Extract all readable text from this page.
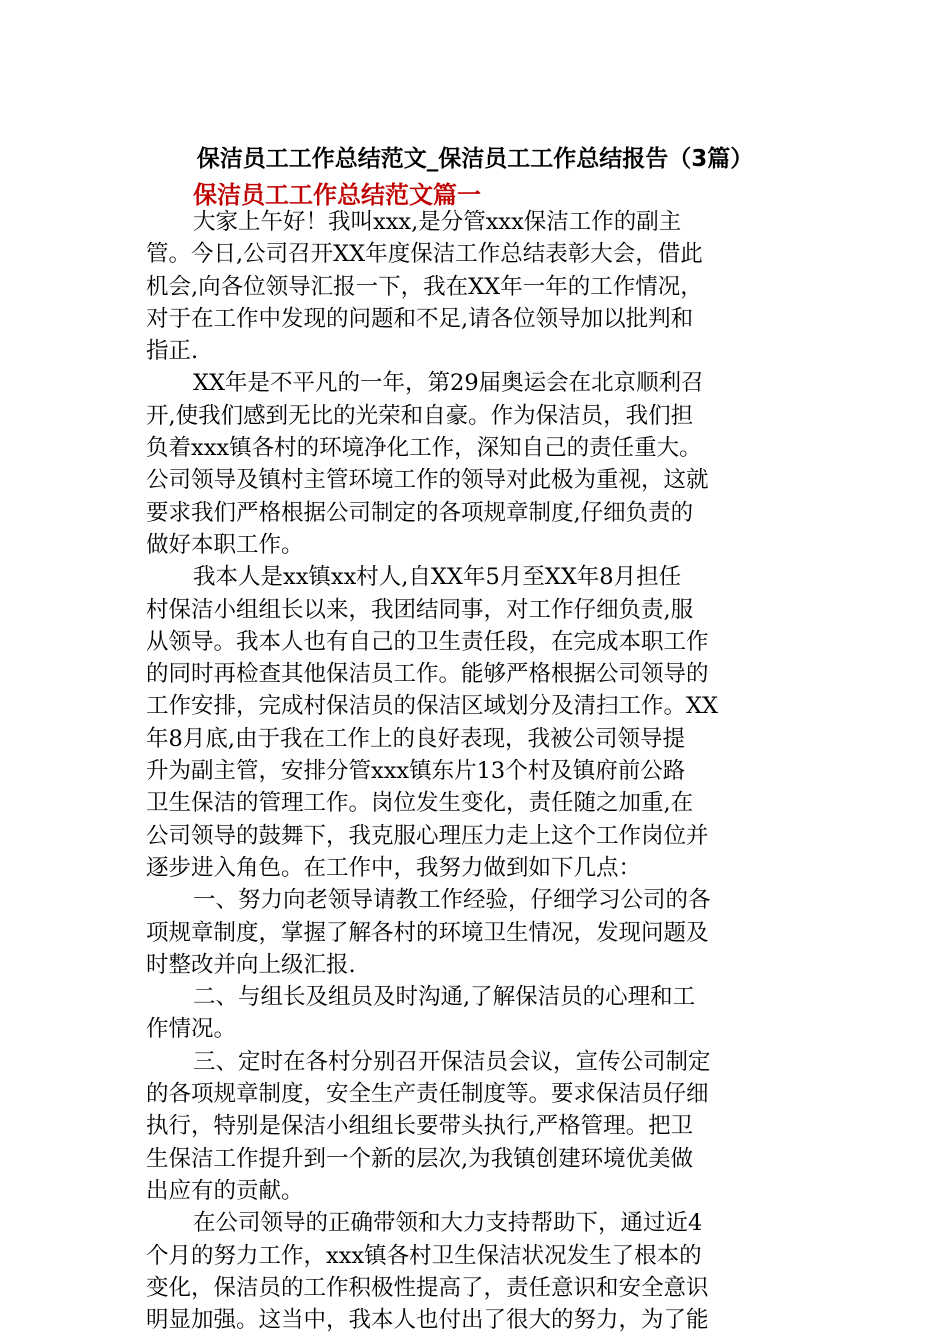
保洁员工工作总结范文_保洁员工工作总结报告（3篇）
保洁员工工作总结范文篇一
大家上午好！我叫xxx,是分管xxx保洁工作的副主
管。今日,公司召开XX年度保洁工作总结表彰大会，借此
机会,向各位领导汇报一下，我在XX年一年的工作情况，
对于在工作中发现的问题和不足,请各位领导加以批判和
指正.
XX年是不平凡的一年，第29届奥运会在北京顺利召
开,使我们感到无比的光荣和自豪。作为保洁员，我们担
负着xxx镇各村的环境净化工作，深知自己的责任重大。
公司领导及镇村主管环境工作的领导对此极为重视，这就
要求我们严格根据公司制定的各项规章制度,仔细负责的
做好本职工作。
我本人是xx镇xx村人,自XX年5月至XX年8月担任
村保洁小组组长以来，我团结同事，对工作仔细负责,服
从领导。我本人也有自己的卫生责任段，在完成本职工作
的同时再检查其他保洁员工作。能够严格根据公司领导的
工作安排，完成村保洁员的保洁区域划分及清扫工作。XX
年8月底,由于我在工作上的良好表现，我被公司领导提
升为副主管，安排分管xxx镇东片13个村及镇府前公路
卫生保洁的管理工作。岗位发生变化，责任随之加重,在
公司领导的鼓舞下，我克服心理压力走上这个工作岗位并
逐步进入角色。在工作中，我努力做到如下几点：
一、努力向老领导请教工作经验，仔细学习公司的各
项规章制度，掌握了解各村的环境卫生情况，发现问题及
时整改并向上级汇报.
二、与组长及组员及时沟通,了解保洁员的心理和工
作情况。
三、定时在各村分别召开保洁员会议，宣传公司制定
的各项规章制度，安全生产责任制度等。要求保洁员仔细
执行，特别是保洁小组组长要带头执行,严格管理。把卫
生保洁工作提升到一个新的层次,为我镇创建环境优美做
出应有的贡献。
在公司领导的正确带领和大力支持帮助下，通过近4
个月的努力工作，xxx镇各村卫生保洁状况发生了根本的
变化，保洁员的工作积极性提高了，责任意识和安全意识
明显加强。这当中，我本人也付出了很大的努力，为了能
